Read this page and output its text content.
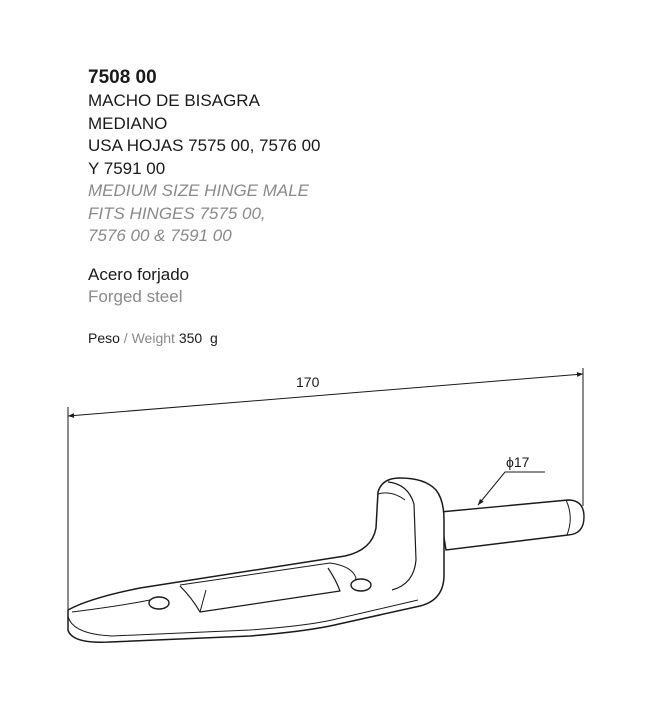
7508 00

MACHO DE BISAGRA

MEDIANO

USA HOJAS 7575 00, 7576 00

Y 7591 00

MEDIUM SIZE HINGE MALE

FITS HINGES 7575 00,

7576 00 & 7591 00

Acero forjado
Forged steel
Peso / Weight 350  g
170
ϕ17
